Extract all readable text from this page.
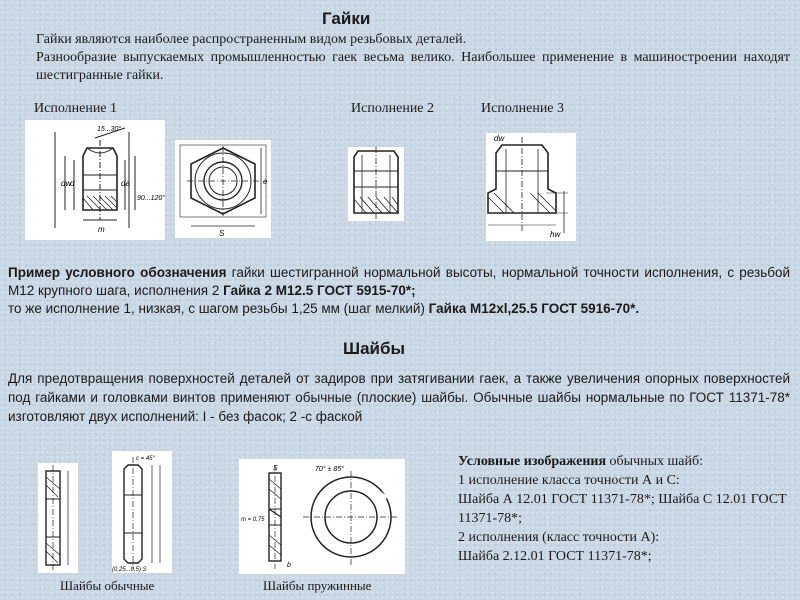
Гайки
Гайки являются наиболее распространенным видом резьбовых деталей.
Разнообразие выпускаемых промышленностью гаек весьма велико. Наибольшее применение в машиностроении находят шестигранные гайки.
Исполнение 1	Исполнение 2	Исполнение 3
15...30°
dw
d	da
90...120°
m	S
e
dw
hw
Пример условного обозначения гайки шестигранной нормальной высоты, нормальной точности исполнения, с резьбой М12 крупного шага, исполнения 2 Гайка 2 М12.5 ГОСТ 5915-70*;
то же исполнение 1, низкая, с шагом резьбы 1,25 мм (шаг мелкий) Гайка М12xl,25.5 ГОСТ 5916-70*.
Шайбы
Для предотвращения поверхностей деталей от задиров при затягивании гаек, а также увеличения опорных поверхностей под гайками и головками винтов применяют обычные (плоские) шайбы. Обычные шайбы нормальные по ГОСТ 11371-78* изготовляют двух исполнений: I - без фасок; 2 -с фаской
c = 45°
(0,25...0,5) S
S	70° ± 85°
m = 0,75
b
Шайбы обычные	Шайбы пружинные
Условные изображения обычных шайб:
1 исполнение класса точности А и С:
Шайба А 12.01 ГОСТ 11371-78*; Шайба С 12.01 ГОСТ 11371-78*;
2 исполнения (класс точности А):
Шайба 2.12.01 ГОСТ 11371-78*;
